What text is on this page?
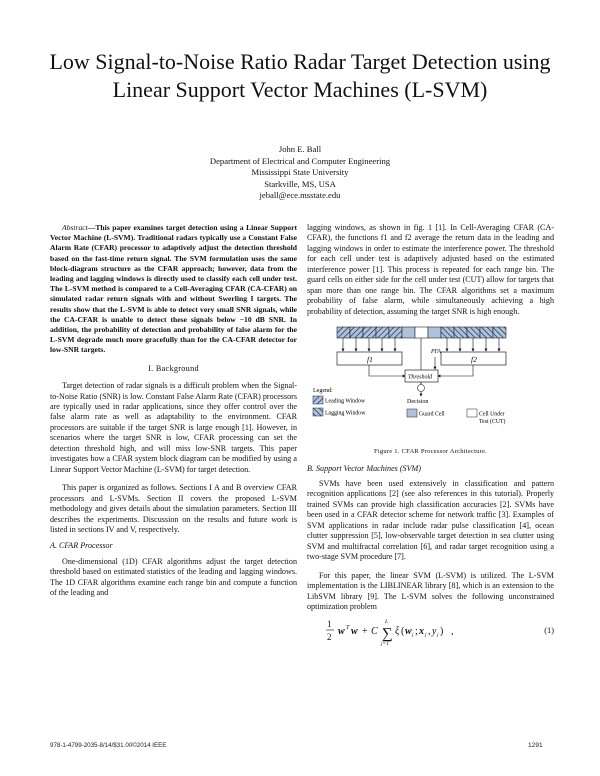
Low Signal-to-Noise Ratio Radar Target Detection using Linear Support Vector Machines (L-SVM)
John E. Ball
Department of Electrical and Computer Engineering
Mississippi State University
Starkville, MS, USA
jeball@ece.msstate.edu

Abstract—This paper examines target detection using a Linear Support Vector Machine (L-SVM). Traditional radars typically use a Constant False Alarm Rate (CFAR) processor to adaptively adjust the detection threshold based on the fast-time return signal. The SVM formulation uses the same block-diagram structure as the CFAR approach; however, data from the leading and lagging windows is directly used to classify each cell under test. The L-SVM method is compared to a Cell-Averaging CFAR (CA-CFAR) on simulated radar return signals with and without Swerling I targets. The results show that the L-SVM is able to detect very small SNR signals, while the CA-CFAR is unable to detect these signals below −10 dB SNR. In addition, the probability of detection and probability of false alarm for the L-SVM degrade much more gracefully than for the CA-CFAR detector for low-SNR targets.

I. Background

Target detection of radar signals is a difficult problem when the Signal-to-Noise Ratio (SNR) is low. Constant False Alarm Rate (CFAR) processors are typically used in radar applications, since they offer control over the false alarm rate as well as adaptability to the environment. CFAR processors are suitable if the target SNR is large enough [1]. However, in scenarios where the target SNR is low, CFAR processing can set the detection threshold high, and will miss low-SNR targets. This paper investigates how a CFAR system block diagram can be modified by using a Linear Support Vector Machine (L-SVM) for target detection.

This paper is organized as follows. Sections I A and B overview CFAR processors and L-SVMs. Section II covers the proposed L-SVM methodology and gives details about the simulation parameters. Section III describes the experiments. Discussion on the results and future work is listed in sections IV and V, respectively.

A. CFAR Processor

One-dimensional (1D) CFAR algorithms adjust the target detection threshold based on estimated statistics of the leading and lagging windows. The 1D CFAR algorithms examine each range bin and compute a function of the leading and

lagging windows, as shown in fig. 1 [1]. In Cell-Averaging CFAR (CA-CFAR), the functions f1 and f2 average the return data in the leading and lagging windows in order to estimate the interference power. The threshold for each cell under test is adaptively adjusted based on the estimated interference power [1]. This process is repeated for each range bin. The guard cells on either side for the cell under test (CUT) allow for targets that span more than one range bin. The CFAR algorithms set a maximum probability of false alarm, while simultaneously achieving a high probability of detection, assuming the target SNR is high enough.

f1	f2
PFA
Threshold
Legend:
Leading Window
Lagging Window
Decision
Guard Cell	Cell Under
Test (CUT)
Figure 1. CFAR Processor Architecture.
B. Support Vector Machines (SVM)

SVMs have been used extensively in classification and pattern recognition applications [2] (see also references in this tutorial). Properly trained SVMs can provide high classification accuracies [2]. SVMs have been used in a CFAR detector scheme for network traffic [3]. Examples of SVM applications in radar include radar pulse classification [4], ocean clutter suppression [5], low-observable target detection in sea clutter using SVM and multifractal correlation [6], and radar target recognition using a two-stage SVM procedure [7].

For this paper, the linear SVM (L-SVM) is utilized. The L-SVM implementation is the LIBLINEAR library [8], which is an extension to the LibSVM library [9]. The L-SVM solves the following unconstrained optimization problem

1
2 w T w + C ∑
L
j=1
ξ ( w j ; x j , y j ) ,	(1)
978-1-4799-2035-8/14/$31.00©2014 IEEE	1291
